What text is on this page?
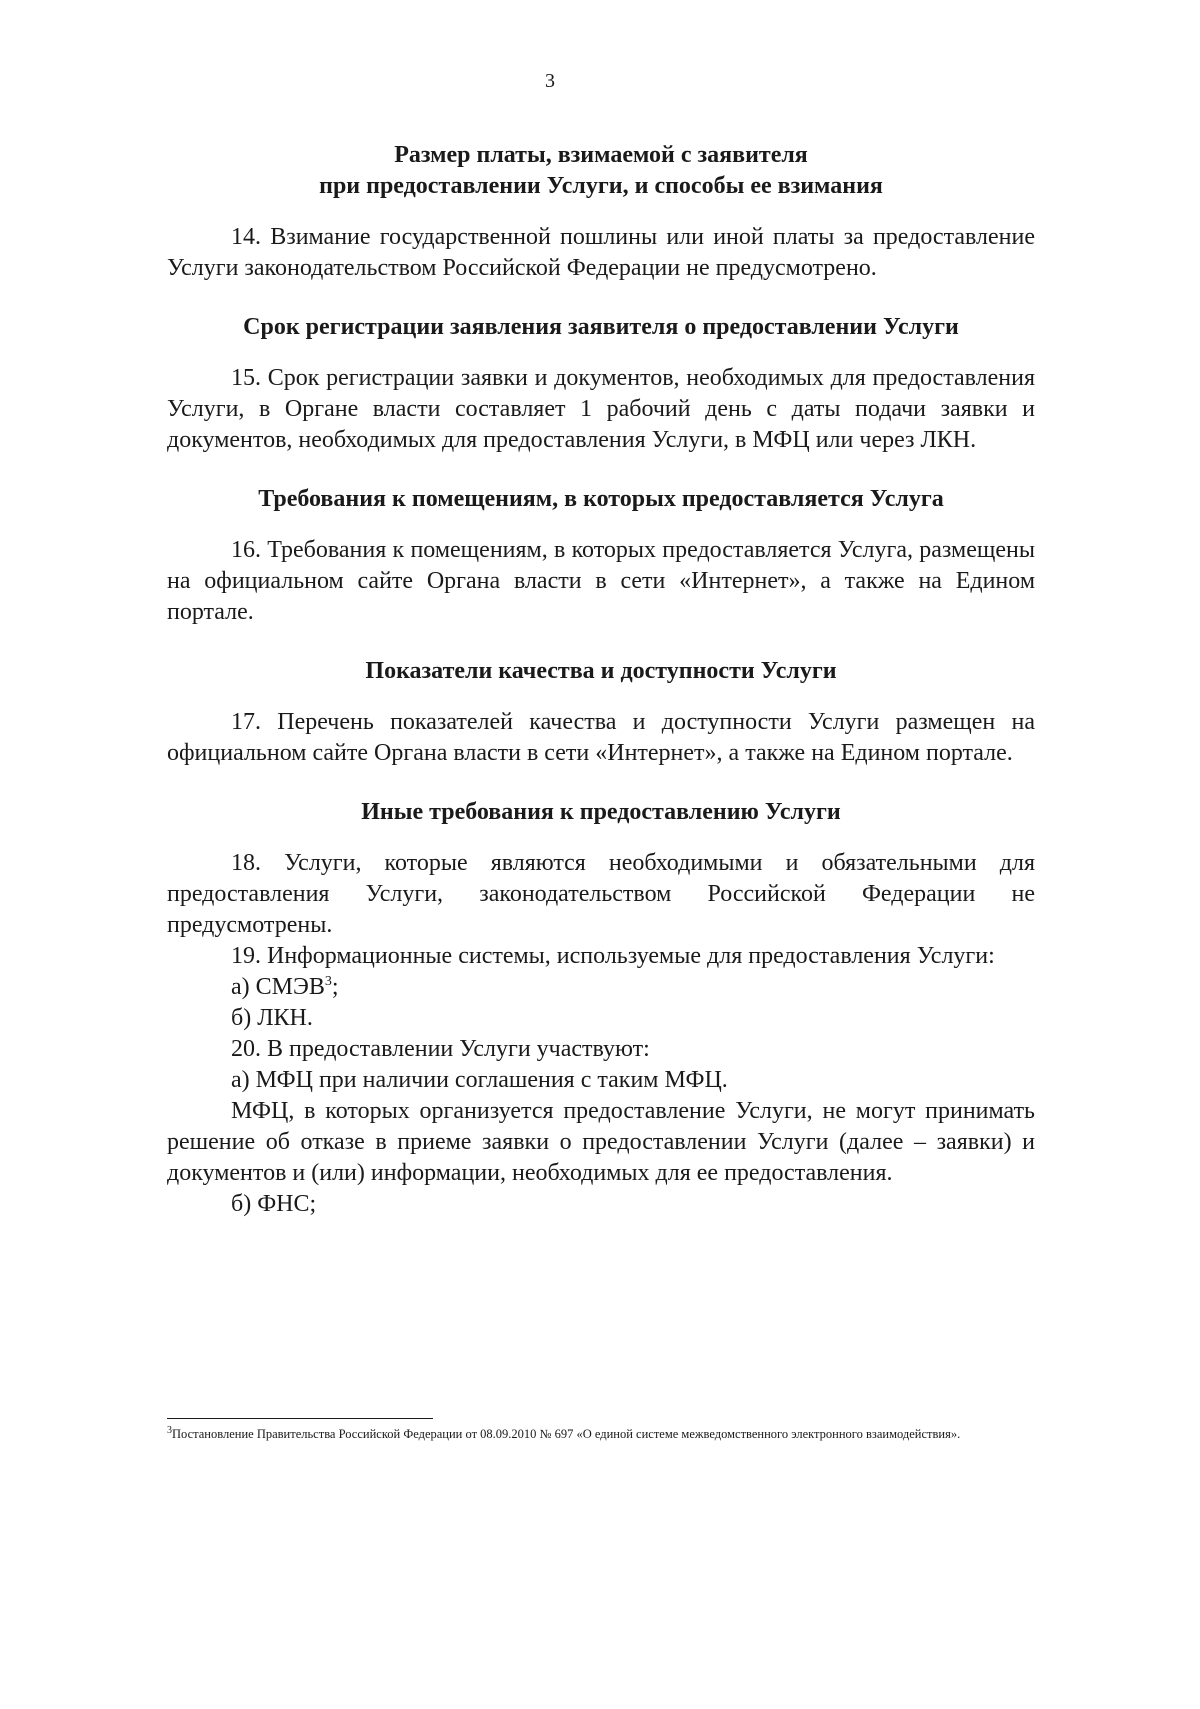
3

Размер платы, взимаемой с заявителя

при предоставлении Услуги, и способы ее взимания

14. Взимание государственной пошлины или иной платы за предоставление Услуги законодательством Российской Федерации не предусмотрено.

Срок регистрации заявления заявителя о предоставлении Услуги

15. Срок регистрации заявки и документов, необходимых для предоставления Услуги, в Органе власти составляет 1 рабочий день с даты подачи заявки и документов, необходимых для предоставления Услуги, в МФЦ или через ЛКН.

Требования к помещениям, в которых предоставляется Услуга

16. Требования к помещениям, в которых предоставляется Услуга, размещены на официальном сайте Органа власти в сети «Интернет», а также на Едином портале.

Показатели качества и доступности Услуги

17. Перечень показателей качества и доступности Услуги размещен на официальном сайте Органа власти в сети «Интернет», а также на Едином портале.

Иные требования к предоставлению Услуги

18. Услуги, которые являются необходимыми и обязательными для предоставления Услуги, законодательством Российской Федерации не предусмотрены.

19. Информационные системы, используемые для предоставления Услуги:

а) СМЭВ$^3$;

б) ЛКН.

20. В предоставлении Услуги участвуют:

а) МФЦ при наличии соглашения с таким МФЦ.

МФЦ, в которых организуется предоставление Услуги, не могут принимать решение об отказе в приеме заявки о предоставлении Услуги (далее – заявки) и документов и (или) информации, необходимых для ее предоставления.

б) ФНС;

$^3$Постановление Правительства Российской Федерации от 08.09.2010 № 697 «О единой системе межведомственного электронного взаимодействия».
